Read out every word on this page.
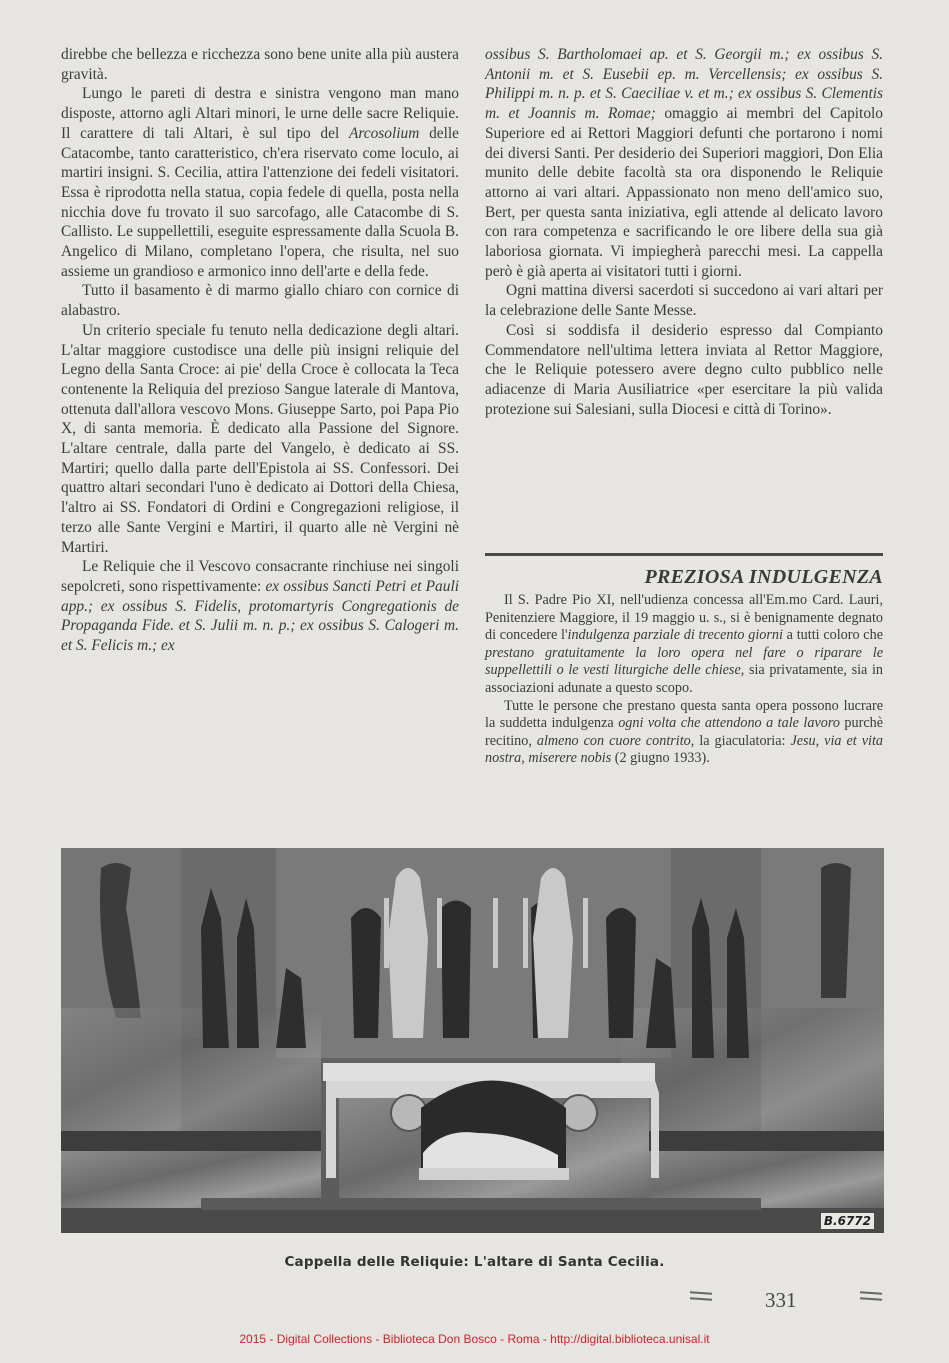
direbbe che bellezza e ricchezza sono bene unite alla più austera gravità.

Lungo le pareti di destra e sinistra vengono man mano disposte, attorno agli Altari minori, le urne delle sacre Reliquie. Il carattere di tali Altari, è sul tipo del Arcosolium delle Catacombe, tanto caratteristico, ch'era riservato come loculo, ai martiri insigni. S. Cecilia, attira l'attenzione dei fedeli visitatori. Essa è riprodotta nella statua, copia fedele di quella, posta nella nicchia dove fu trovato il suo sarcofago, alle Catacombe di S. Callisto. Le suppellettili, eseguite espressamente dalla Scuola B. Angelico di Milano, completano l'opera, che risulta, nel suo assieme un grandioso e armonico inno dell'arte e della fede.

Tutto il basamento è di marmo giallo chiaro con cornice di alabastro.

Un criterio speciale fu tenuto nella dedicazione degli altari. L'altar maggiore custodisce una delle più insigni reliquie del Legno della Santa Croce: ai pie' della Croce è collocata la Teca contenente la Reliquia del prezioso Sangue laterale di Mantova, ottenuta dall'allora vescovo Mons. Giuseppe Sarto, poi Papa Pio X, di santa memoria. È dedicato alla Passione del Signore. L'altare centrale, dalla parte del Vangelo, è dedicato ai SS. Martiri; quello dalla parte dell'Epistola ai SS. Confessori. Dei quattro altari secondari l'uno è dedicato ai Dottori della Chiesa, l'altro ai SS. Fondatori di Ordini e Congregazioni religiose, il terzo alle Sante Vergini e Martiri, il quarto alle nè Vergini nè Martiri.

Le Reliquie che il Vescovo consacrante rinchiuse nei singoli sepolcreti, sono rispettivamente: ex ossibus Sancti Petri et Pauli app.; ex ossibus S. Fidelis, protomartyris Congregationis de Propaganda Fide. et S. Julii m. n. p.; ex ossibus S. Calogeri m. et S. Felicis m.; ex

ossibus S. Bartholomaei ap. et S. Georgii m.; ex ossibus S. Antonii m. et S. Eusebii ep. m. Vercellensis; ex ossibus S. Philippi m. n. p. et S. Caeciliae v. et m.; ex ossibus S. Clementis m. et Joannis m. Romae; omaggio ai membri del Capitolo Superiore ed ai Rettori Maggiori defunti che portarono i nomi dei diversi Santi. Per desiderio dei Superiori maggiori, Don Elia munito delle debite facoltà sta ora disponendo le Reliquie attorno ai vari altari. Appassionato non meno dell'amico suo, Bert, per questa santa iniziativa, egli attende al delicato lavoro con rara competenza e sacrificando le ore libere della sua già laboriosa giornata. Vi impiegherà parecchi mesi. La cappella però è già aperta ai visitatori tutti i giorni.

Ogni mattina diversi sacerdoti si succedono ai vari altari per la celebrazione delle Sante Messe.

Così si soddisfa il desiderio espresso dal Compianto Commendatore nell'ultima lettera inviata al Rettor Maggiore, che le Reliquie potessero avere degno culto pubblico nelle adiacenze di Maria Ausiliatrice «per esercitare la più valida protezione sui Salesiani, sulla Diocesi e città di Torino».

PREZIOSA INDULGENZA

Il S. Padre Pio XI, nell'udienza concessa all'Em.mo Card. Lauri, Penitenziere Maggiore, il 19 maggio u. s., si è benignamente degnato di concedere l'indulgenza parziale di trecento giorni a tutti coloro che prestano gratuitamente la loro opera nel fare o riparare le suppellettili o le vesti liturgiche delle chiese, sia privatamente, sia in associazioni adunate a questo scopo.

Tutte le persone che prestano questa santa opera possono lucrare la suddetta indulgenza ogni volta che attendono a tale lavoro purchè recitino, almeno con cuore contrito, la giaculatoria: Jesu, via et vita nostra, miserere nobis (2 giugno 1933).

B.6772
Cappella delle Reliquie: L'altare di Santa Cecilia.
331
2015 - Digital Collections - Biblioteca Don Bosco - Roma - http://digital.biblioteca.unisal.it
